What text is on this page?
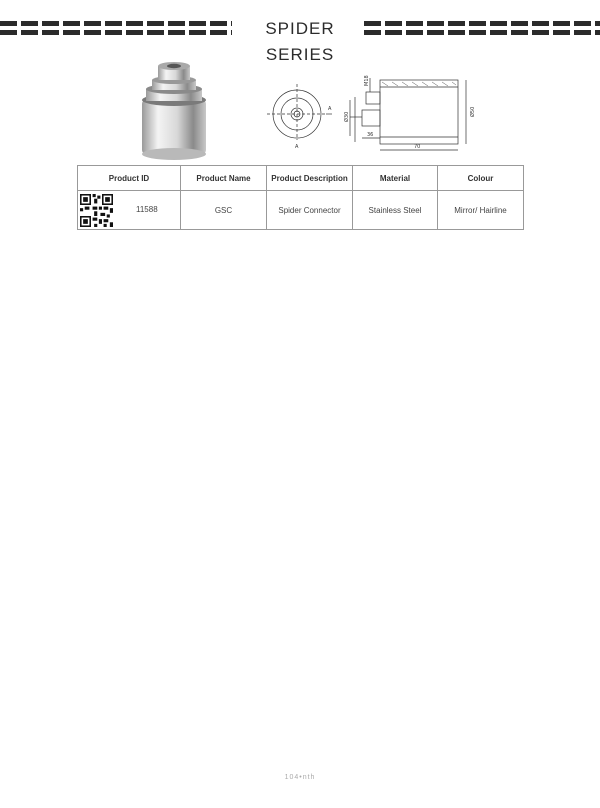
SPIDER SERIES
A
A
M18
Ø30
36
70
Ø50
Product ID	Product Name	Product Description	Material	Colour

11588	GSC	Spider Connector	Stainless Steel	Mirror/ Hairline
104•nth
